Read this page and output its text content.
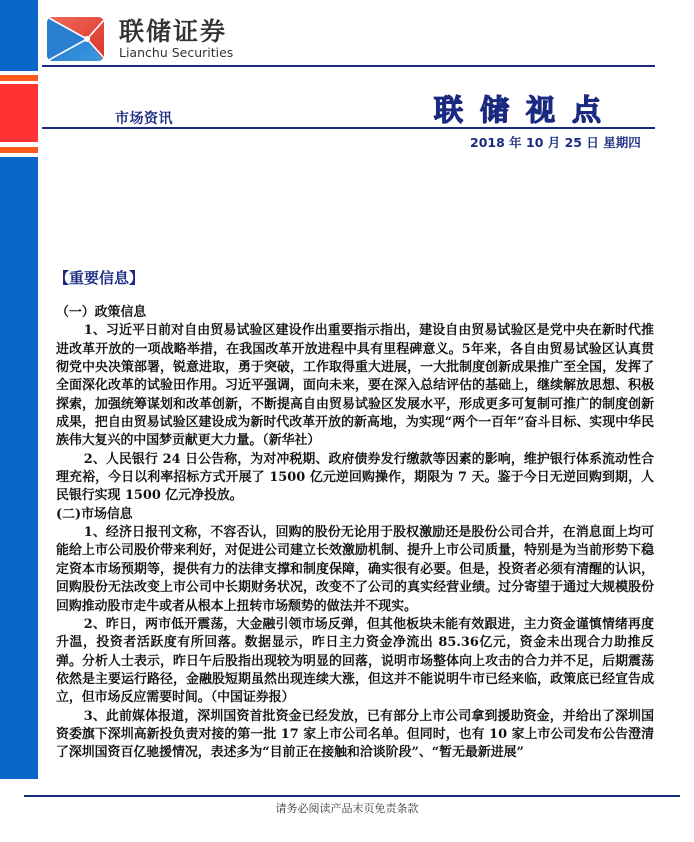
联储证券
Lianchu Securities
市场资讯	联储视点
2018 年 10 月 25 日 星期四
【重要信息】
（一）政策信息
1、习近平日前对自由贸易试验区建设作出重要指示指出，建设自由贸易试验区是党中央在新时代推进改革开放的一项战略举措，在我国改革开放进程中具有里程碑意义。5年来，各自由贸易试验区认真贯彻党中央决策部署，锐意进取，勇于突破，工作取得重大进展，一大批制度创新成果推广至全国，发挥了全面深化改革的试验田作用。习近平强调，面向未来，要在深入总结评估的基础上，继续解放思想、积极探索，加强统筹谋划和改革创新，不断提高自由贸易试验区发展水平，形成更多可复制可推广的制度创新成果，把自由贸易试验区建设成为新时代改革开放的新高地，为实现“两个一百年”奋斗目标、实现中华民族伟大复兴的中国梦贡献更大力量。（新华社）
2、人民银行 24 日公告称，为对冲税期、政府债券发行缴款等因素的影响，维护银行体系流动性合理充裕，今日以利率招标方式开展了 1500 亿元逆回购操作，期限为 7 天。鉴于今日无逆回购到期，人民银行实现 1500 亿元净投放。
(二)市场信息
1、经济日报刊文称，不容否认，回购的股份无论用于股权激励还是股份公司合并，在消息面上均可能给上市公司股价带来利好，对促进公司建立长效激励机制、提升上市公司质量，特别是为当前形势下稳定资本市场预期等，提供有力的法律支撑和制度保障，确实很有必要。但是，投资者必须有清醒的认识，回购股份无法改变上市公司中长期财务状况，改变不了公司的真实经营业绩。过分寄望于通过大规模股份回购推动股市走牛或者从根本上扭转市场颓势的做法并不现实。
2、昨日，两市低开震荡，大金融引领市场反弹，但其他板块未能有效跟进，主力资金谨慎情绪再度升温，投资者活跃度有所回落。数据显示，昨日主力资金净流出 85.36亿元，资金未出现合力助推反弹。分析人士表示，昨日午后股指出现较为明显的回落，说明市场整体向上攻击的合力并不足，后期震荡依然是主要运行路径，金融股短期虽然出现连续大涨，但这并不能说明牛市已经来临，政策底已经宣告成立，但市场反应需要时间。（中国证券报）
3、此前媒体报道，深圳国资首批资金已经发放，已有部分上市公司拿到援助资金，并给出了深圳国资委旗下深圳高新投负责对接的第一批 17 家上市公司名单。但同时，也有 10 家上市公司发布公告澄清了深圳国资百亿驰援情况，表述多为“目前正在接触和洽谈阶段”、“暂无最新进展”
请务必阅读产品末页免责条款
